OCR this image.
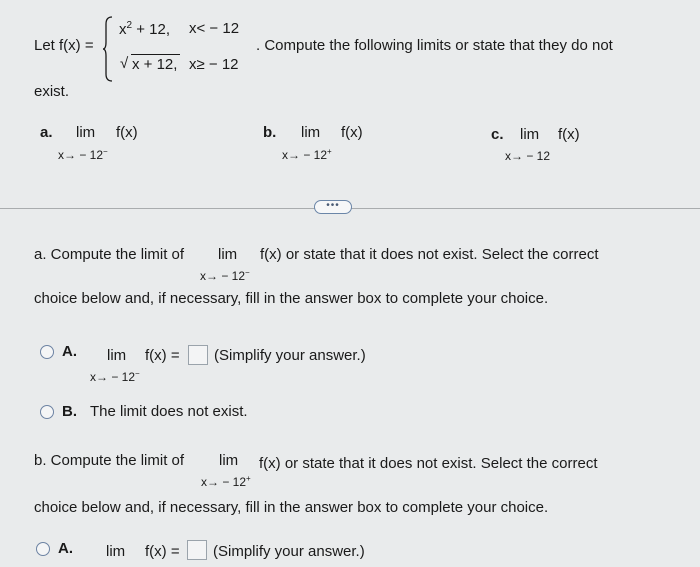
Let f(x) =
$x^2 + 12$, x< − 12
√ x + 12, x≥ − 12
. Compute the following limits or state that they do not
exist.
a. lim f(x)
x→ − 12−
b. lim f(x)
x→ − 12+
c. lim f(x)
x→ − 12
•••
a. Compute the limit of lim f(x) or state that it does not exist. Select the correct
x→ − 12−
choice below and, if necessary, fill in the answer box to complete your choice.
A. lim f(x) = (Simplify your answer.)
x→ − 12−
B. The limit does not exist.
b. Compute the limit of lim f(x) or state that it does not exist. Select the correct
x→ − 12+
choice below and, if necessary, fill in the answer box to complete your choice.
A. lim f(x) = (Simplify your answer.)
